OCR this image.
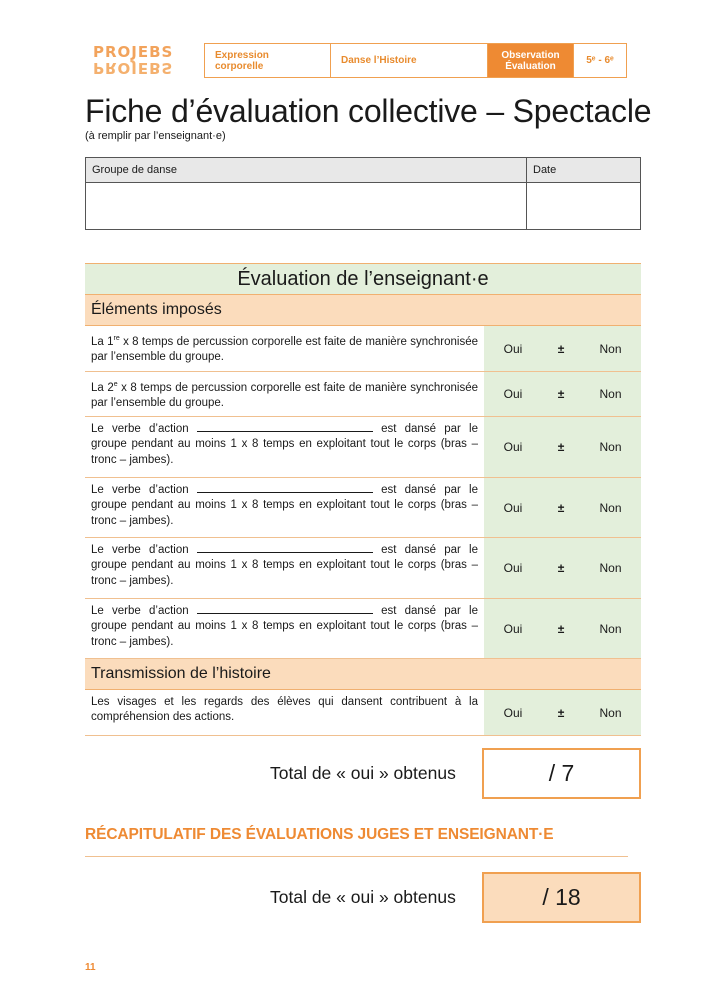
PROJEBS
PROJEBS
Expression corporelle	Danse l’Histoire	Observation Évaluation	5ᵉ - 6ᵉ
Fiche d’évaluation collective – Spectacle
(à remplir par l’enseignant·e)
Groupe de danse	Date
Évaluation de l’enseignant·e
Éléments imposés
La 1re x 8 temps de percussion corporelle est faite de manière synchronisée par l’ensemble du groupe.
Oui	±	Non
La 2e x 8 temps de percussion corporelle est faite de manière synchronisée par l’ensemble du groupe.
Oui	±	Non
Le verbe d’action	est dansé par le groupe pendant au moins 1 x 8 temps en exploitant tout le corps (bras – tronc – jambes).
Oui	±	Non
Le verbe d’action	est dansé par le groupe pendant au moins 1 x 8 temps en exploitant tout le corps (bras – tronc – jambes).
Oui	±	Non
Le verbe d’action	est dansé par le groupe pendant au moins 1 x 8 temps en exploitant tout le corps (bras – tronc – jambes).
Oui	±	Non
Le verbe d’action	est dansé par le groupe pendant au moins 1 x 8 temps en exploitant tout le corps (bras – tronc – jambes).
Oui	±	Non
Transmission de l’histoire
Les visages et les regards des élèves qui dansent contribuent à la compréhension des actions.	Oui	±	Non
Total de « oui » obtenus	/ 7
RÉCAPITULATIF DES ÉVALUATIONS JUGES ET ENSEIGNANT·E
Total de « oui » obtenus	/ 18
11
